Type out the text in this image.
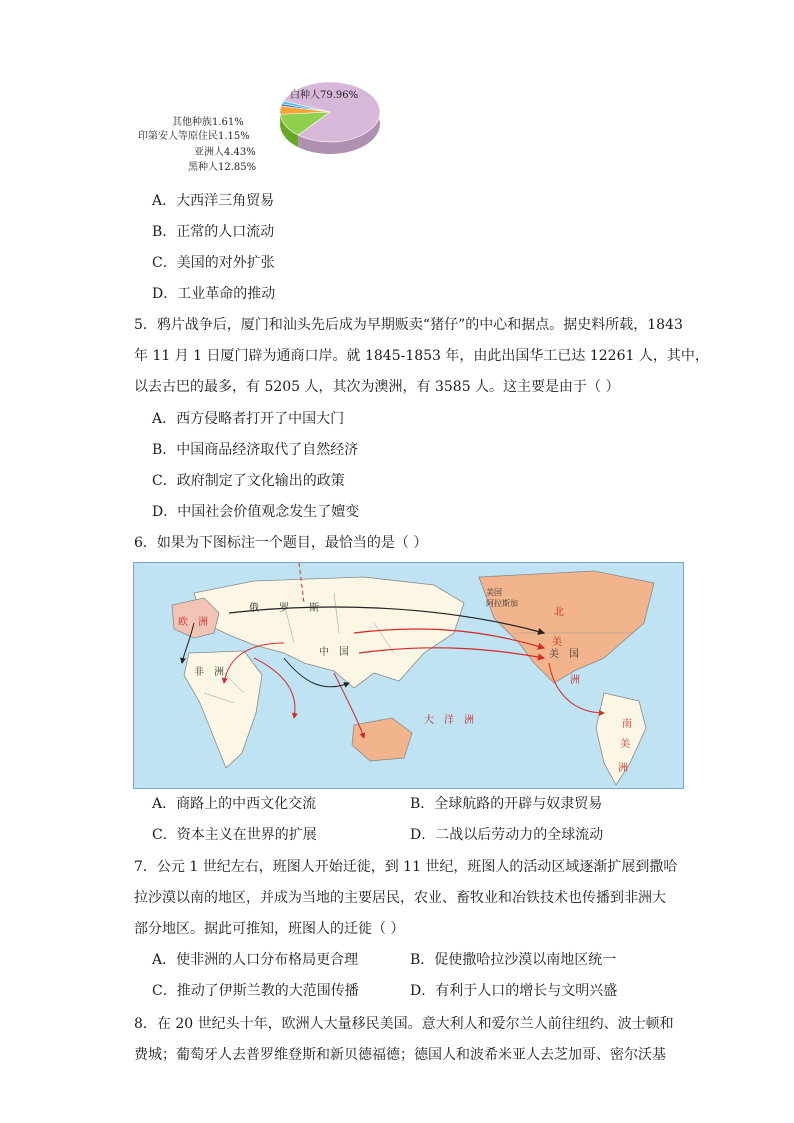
白种人79.96%
其他种族1.61%
印第安人等原住民1.15%
亚洲人4.43%
黑种人12.85%
A．大西洋三角贸易
B．正常的人口流动
C．美国的对外扩张
D．工业革命的推动
5．鸦片战争后，厦门和汕头先后成为早期贩卖“猪仔”的中心和据点。据史料所载，1843
年 11 月 1 日厦门辟为通商口岸。就 1845-1853 年，由此出国华工已达 12261 人，其中，
以去古巴的最多，有 5205 人，其次为澳洲，有 3585 人。这主要是由于（ ）
A．西方侵略者打开了中国大门
B．中国商品经济取代了自然经济
C．政府制定了文化输出的政策
D．中国社会价值观念发生了嬗变
6．如果为下图标注一个题目，最恰当的是（ ）
俄　　罗　　斯
中　国
欧　洲
非　洲
美国
阿拉斯加
北
美
美　国
洲
大　洋　洲	南
美
洲
A．商路上的中西文化交流	B．全球航路的开辟与奴隶贸易
C．资本主义在世界的扩展	D．二战以后劳动力的全球流动
7．公元 1 世纪左右，班图人开始迁徙，到 11 世纪，班图人的活动区域逐渐扩展到撒哈
拉沙漠以南的地区，并成为当地的主要居民，农业、畜牧业和冶铁技术也传播到非洲大
部分地区。据此可推知，班图人的迁徙（ ）
A．使非洲的人口分布格局更合理	B．促使撒哈拉沙漠以南地区统一
C．推动了伊斯兰教的大范围传播	D．有利于人口的增长与文明兴盛
8．在 20 世纪头十年，欧洲人大量移民美国。意大利人和爱尔兰人前往纽约、波士顿和
费城；葡萄牙人去普罗维登斯和新贝德福德；德国人和波希米亚人去芝加哥、密尔沃基
